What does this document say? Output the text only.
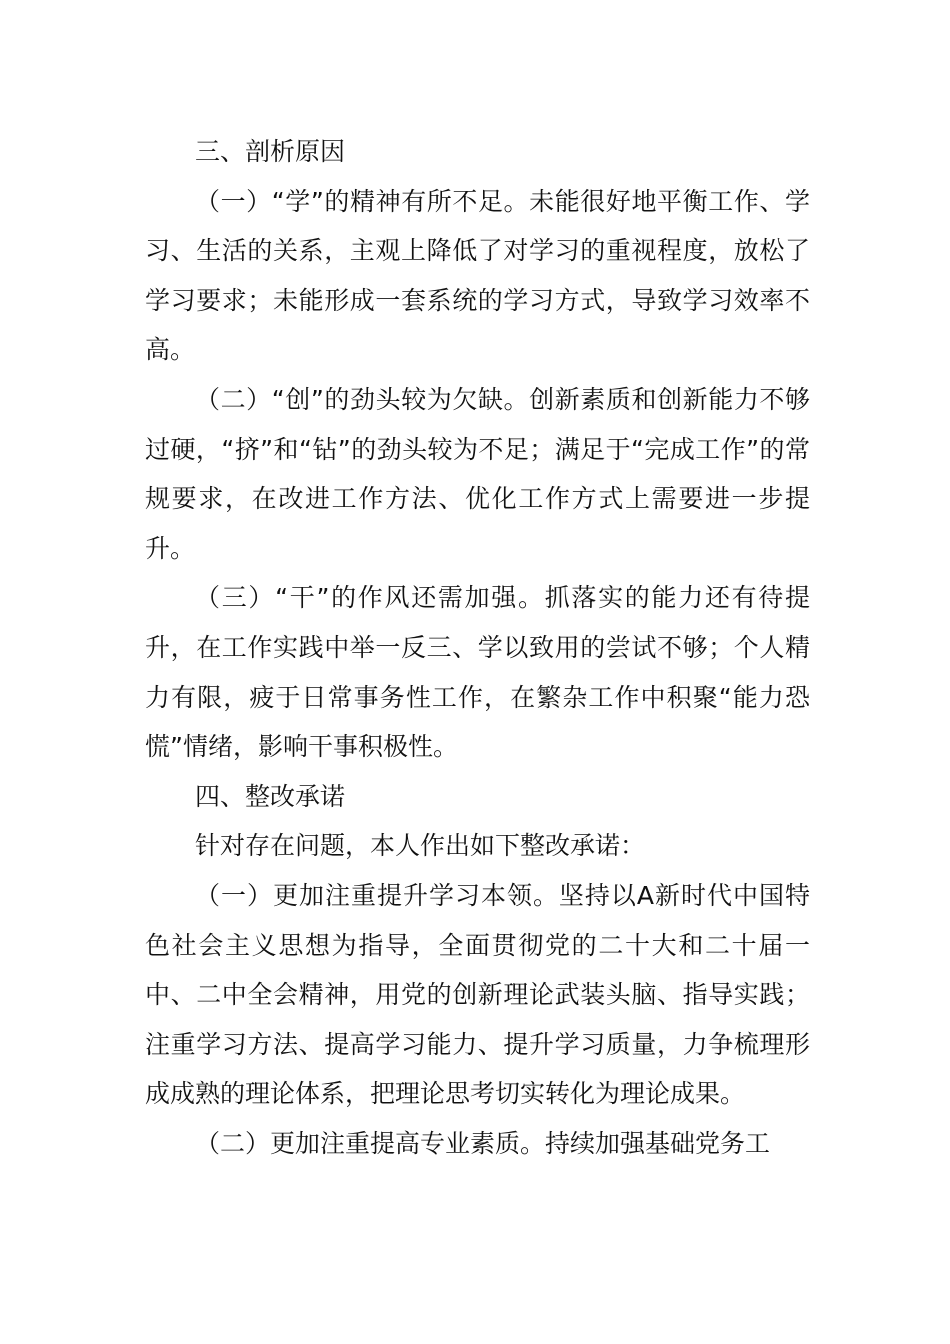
三、剖析原因

（一）“学”的精神有所不足。未能很好地平衡工作、学习、生活的关系，主观上降低了对学习的重视程度，放松了学习要求；未能形成一套系统的学习方式，导致学习效率不高。

（二）“创”的劲头较为欠缺。创新素质和创新能力不够过硬，“挤”和“钻”的劲头较为不足；满足于“完成工作”的常规要求，在改进工作方法、优化工作方式上需要进一步提升。

（三）“干”的作风还需加强。抓落实的能力还有待提升，在工作实践中举一反三、学以致用的尝试不够；个人精力有限，疲于日常事务性工作，在繁杂工作中积聚“能力恐慌”情绪，影响干事积极性。

四、整改承诺

针对存在问题，本人作出如下整改承诺：

（一）更加注重提升学习本领。坚持以A新时代中国特色社会主义思想为指导，全面贯彻党的二十大和二十届一中、二中全会精神，用党的创新理论武装头脑、指导实践；注重学习方法、提高学习能力、提升学习质量，力争梳理形成成熟的理论体系，把理论思考切实转化为理论成果。

（二）更加注重提高专业素质。持续加强基础党务工
